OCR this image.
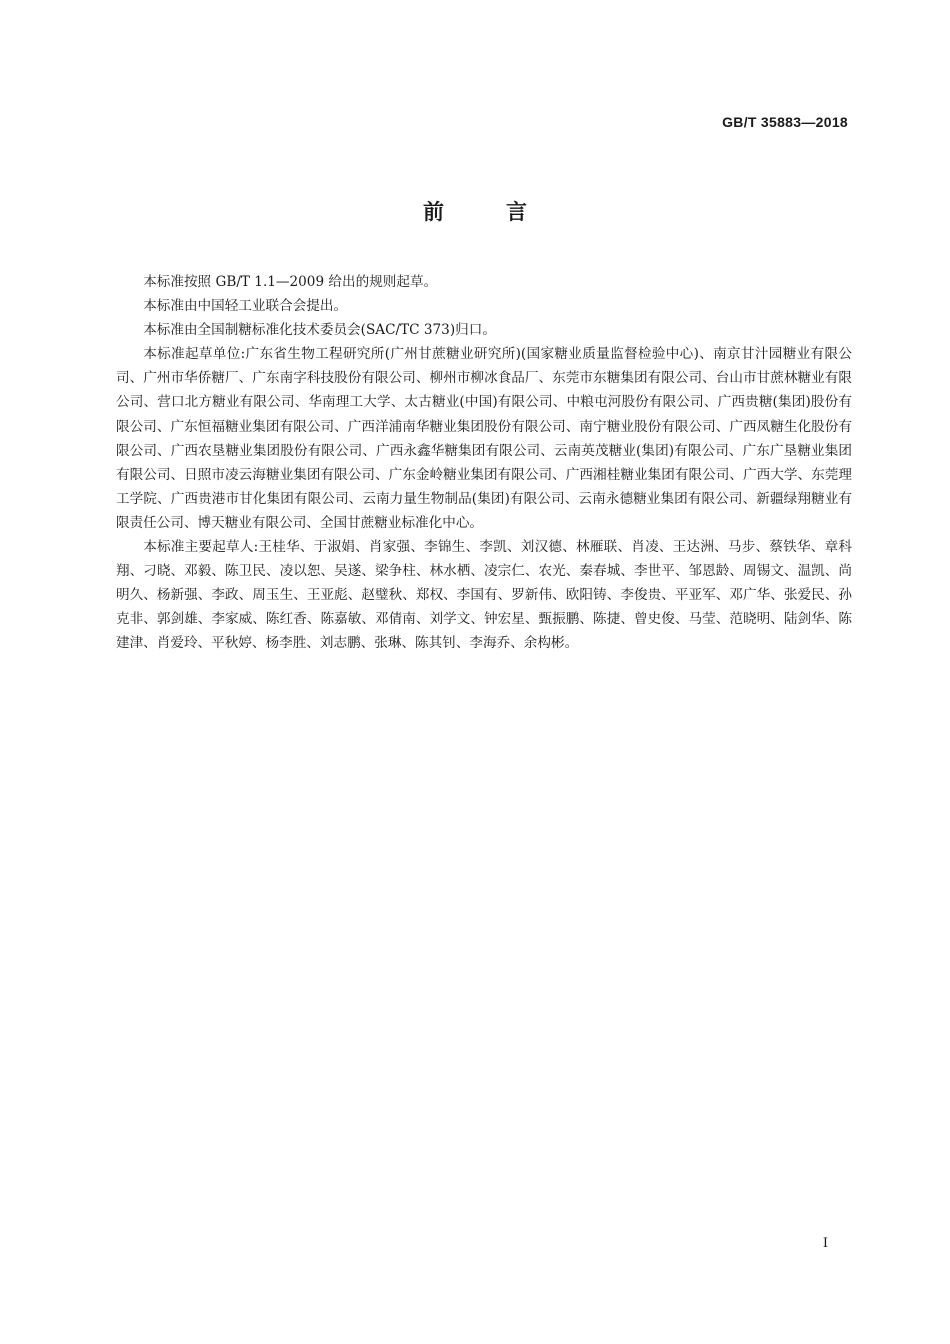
GB/T 35883—2018
前言

本标准按照 GB/T 1.1—2009 给出的规则起草。

本标准由中国轻工业联合会提出。

本标准由全国制糖标准化技术委员会(SAC/TC 373)归口。

本标准起草单位:广东省生物工程研究所(广州甘蔗糖业研究所)(国家糖业质量监督检验中心)、南京甘汁园糖业有限公司、广州市华侨糖厂、广东南字科技股份有限公司、柳州市柳冰食品厂、东莞市东糖集团有限公司、台山市甘蔗林糖业有限公司、营口北方糖业有限公司、华南理工大学、太古糖业(中国)有限公司、中粮屯河股份有限公司、广西贵糖(集团)股份有限公司、广东恒福糖业集团有限公司、广西洋浦南华糖业集团股份有限公司、南宁糖业股份有限公司、广西凤糖生化股份有限公司、广西农垦糖业集团股份有限公司、广西永鑫华糖集团有限公司、云南英茂糖业(集团)有限公司、广东广垦糖业集团有限公司、日照市凌云海糖业集团有限公司、广东金岭糖业集团有限公司、广西湘桂糖业集团有限公司、广西大学、东莞理工学院、广西贵港市甘化集团有限公司、云南力量生物制品(集团)有限公司、云南永德糖业集团有限公司、新疆绿翔糖业有限责任公司、博天糖业有限公司、全国甘蔗糖业标准化中心。

本标准主要起草人:王桂华、于淑娟、肖家强、李锦生、李凯、刘汉德、林雁联、肖凌、王达洲、马步、蔡铁华、章科翔、刁晓、邓毅、陈卫民、凌以恕、吴遂、梁争柱、林水栖、凌宗仁、农光、秦春城、李世平、邹恩龄、周锡文、温凯、尚明久、杨新强、李政、周玉生、王亚彪、赵璧秋、郑权、李国有、罗新伟、欧阳铸、李俊贵、平亚军、邓广华、张爱民、孙克非、郭剑雄、李家威、陈红香、陈嘉敏、邓倩南、刘学文、钟宏星、甄振鹏、陈捷、曾史俊、马莹、范晓明、陆剑华、陈建津、肖爱玲、平秋婷、杨李胜、刘志鹏、张琳、陈其钊、李海乔、余构彬。

I
